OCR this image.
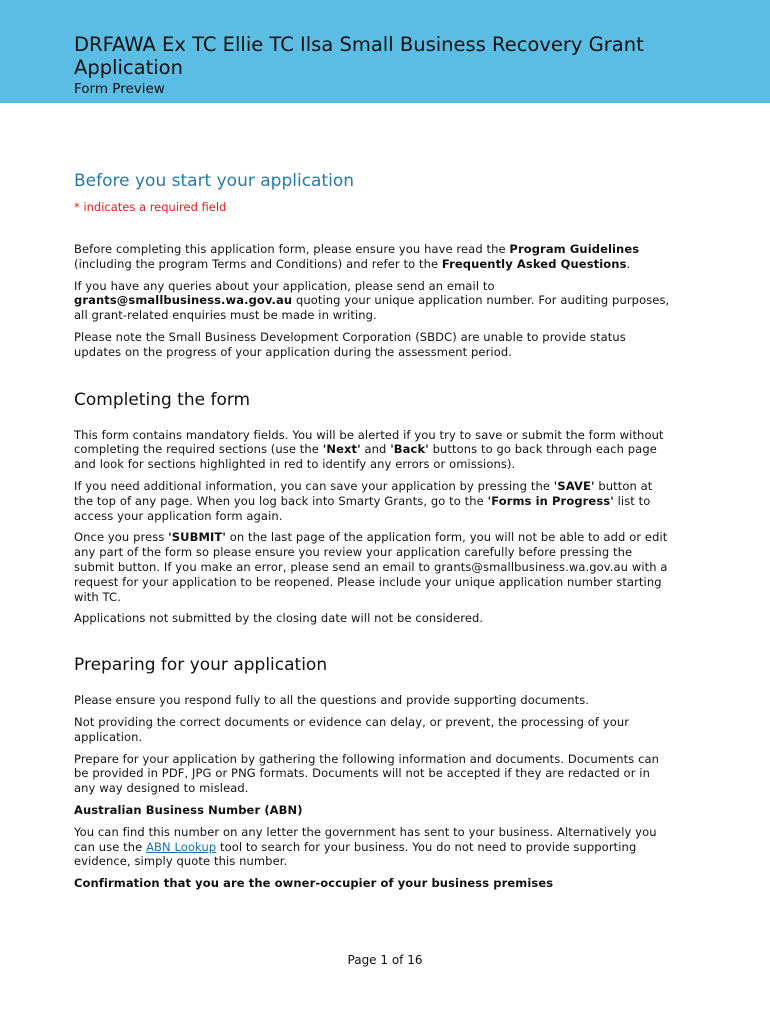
DRFAWA Ex TC Ellie TC Ilsa Small Business Recovery Grant Application
Form Preview
Before you start your application
* indicates a required field

Before completing this application form, please ensure you have read the Program Guidelines (including the program Terms and Conditions) and refer to the Frequently Asked Questions.

If you have any queries about your application, please send an email to grants@smallbusiness.wa.gov.au quoting your unique application number. For auditing purposes, all grant-related enquiries must be made in writing.

Please note the Small Business Development Corporation (SBDC) are unable to provide status updates on the progress of your application during the assessment period.

Completing the form

This form contains mandatory fields. You will be alerted if you try to save or submit the form without completing the required sections (use the 'Next' and 'Back' buttons to go back through each page and look for sections highlighted in red to identify any errors or omissions).

If you need additional information, you can save your application by pressing the 'SAVE' button at the top of any page. When you log back into Smarty Grants, go to the 'Forms in Progress' list to access your application form again.

Once you press 'SUBMIT' on the last page of the application form, you will not be able to add or edit any part of the form so please ensure you review your application carefully before pressing the submit button. If you make an error, please send an email to grants@smallbusiness.wa.gov.au with a request for your application to be reopened. Please include your unique application number starting with TC.

Applications not submitted by the closing date will not be considered.

Preparing for your application

Please ensure you respond fully to all the questions and provide supporting documents.

Not providing the correct documents or evidence can delay, or prevent, the processing of your application.

Prepare for your application by gathering the following information and documents. Documents can be provided in PDF, JPG or PNG formats. Documents will not be accepted if they are redacted or in any way designed to mislead.

Australian Business Number (ABN)

You can find this number on any letter the government has sent to your business. Alternatively you can use the ABN Lookup tool to search for your business. You do not need to provide supporting evidence, simply quote this number.

Confirmation that you are the owner-occupier of your business premises

Page 1 of 16
